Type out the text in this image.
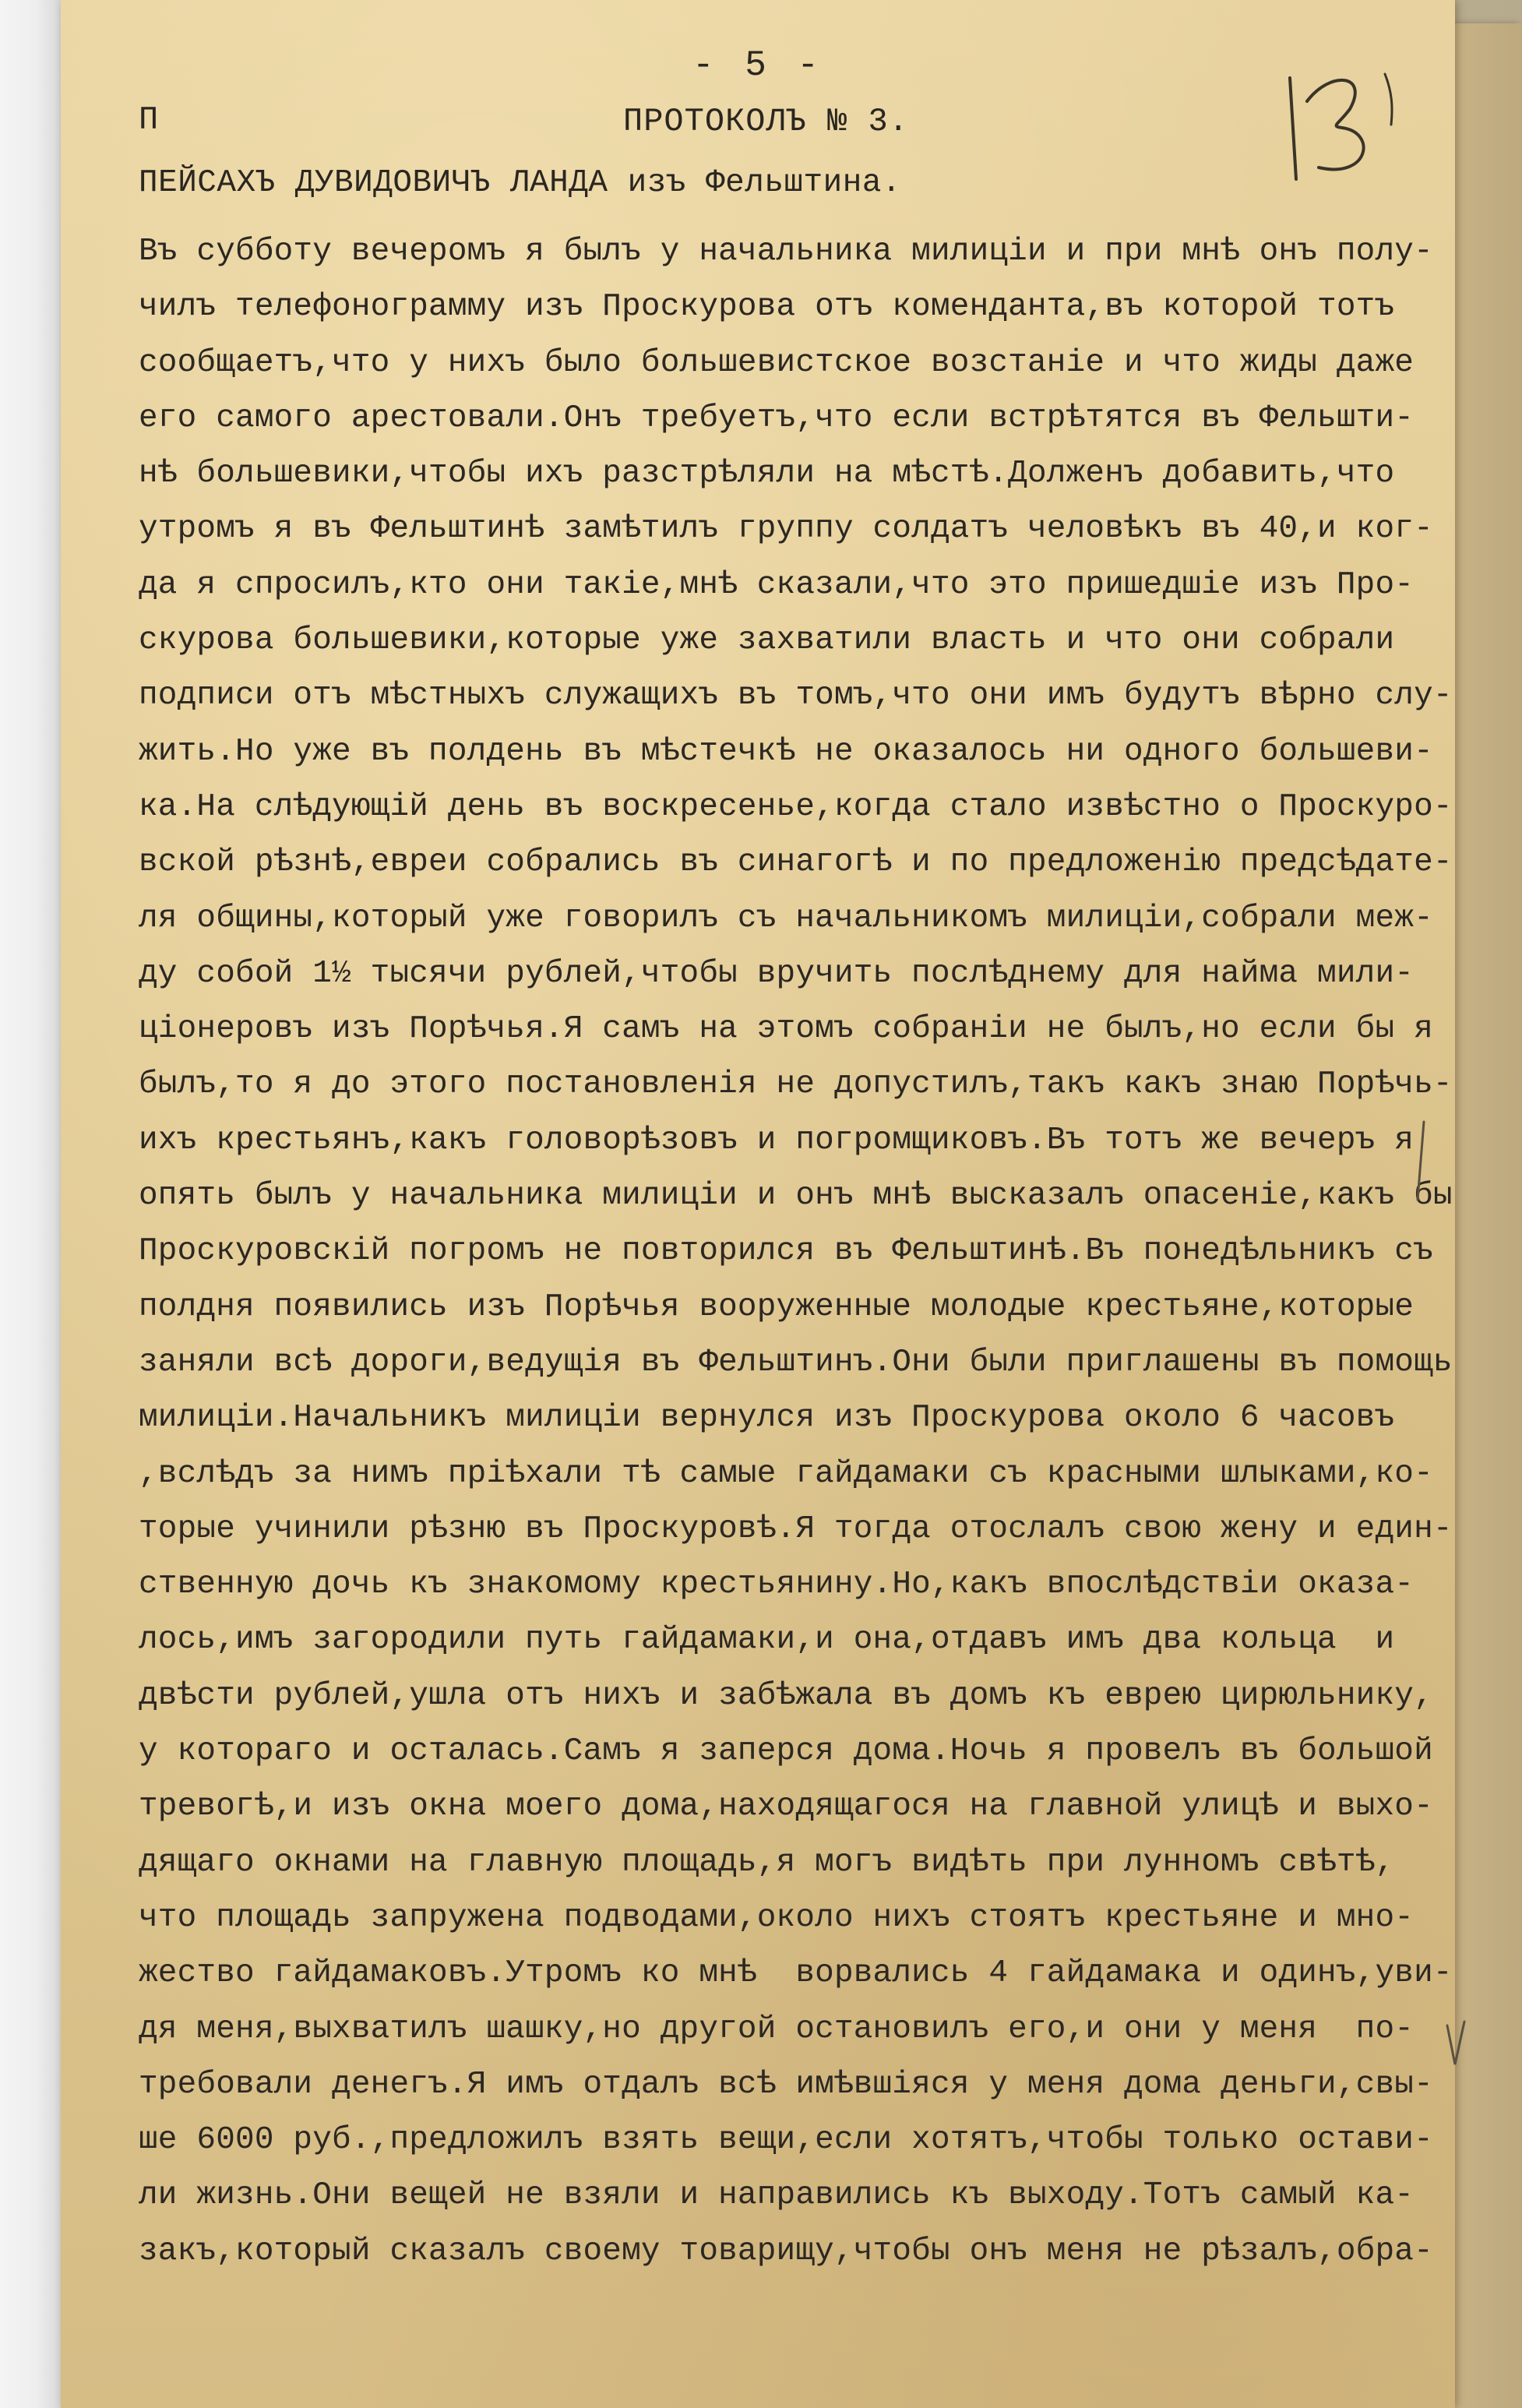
- 5 -
П	ПРОТОКОЛЪ № 3.
ПЕЙСАХЪ ДУВИДОВИЧЪ ЛАНДА изъ Фельштина.
Въ субботу вечеромъ я былъ у начальника милиціи и при мнѣ онъ полу-
чилъ телефонограмму изъ Проскурова отъ коменданта,въ которой тотъ
сообщаетъ,что у нихъ было большевистское возстаніе и что жиды даже
его самого арестовали.Онъ требуетъ,что если встрѣтятся въ Фельшти-
нѣ большевики,чтобы ихъ разстрѣляли на мѣстѣ.Долженъ добавить,что
утромъ я въ Фельштинѣ замѣтилъ группу солдатъ человѣкъ въ 40,и ког-
да я спросилъ,кто они такіе,мнѣ сказали,что это пришедшіе изъ Про-
скурова большевики,которые уже захватили власть и что они собрали
подписи отъ мѣстныхъ служащихъ въ томъ,что они имъ будутъ вѣрно слу-
жить.Но уже въ полдень въ мѣстечкѣ не оказалось ни одного большеви-
ка.На слѣдующій день въ воскресенье,когда стало извѣстно о Проскуро-
вской рѣзнѣ,евреи собрались въ синагогѣ и по предложенію предсѣдате-
ля общины,который уже говорилъ съ начальникомъ милиціи,собрали меж-
ду собой 1½ тысячи рублей,чтобы вручить послѣднему для найма мили-
ціонеровъ изъ Порѣчья.Я самъ на этомъ собраніи не былъ,но если бы я
былъ,то я до этого постановленія не допустилъ,такъ какъ знаю Порѣчь-
ихъ крестьянъ,какъ головорѣзовъ и погромщиковъ.Въ тотъ же вечеръ я
опять былъ у начальника милиціи и онъ мнѣ высказалъ опасеніе,какъ бы
Проскуровскій погромъ не повторился въ Фельштинѣ.Въ понедѣльникъ съ
полдня появились изъ Порѣчья вооруженные молодые крестьяне,которые
заняли всѣ дороги,ведущія въ Фельштинъ.Они были приглашены въ помощь
милиціи.Начальникъ милиціи вернулся изъ Проскурова около 6 часовъ
,вслѣдъ за нимъ пріѣхали тѣ самые гайдамаки съ красными шлыками,ко-
торые учинили рѣзню въ Проскуровѣ.Я тогда отослалъ свою жену и един-
ственную дочь къ знакомому крестьянину.Но,какъ впослѣдствіи оказа-
лось,имъ загородили путь гайдамаки,и она,отдавъ имъ два кольца  и
двѣсти рублей,ушла отъ нихъ и забѣжала въ домъ къ еврею цирюльнику,
у котораго и осталась.Самъ я заперся дома.Ночь я провелъ въ большой
тревогѣ,и изъ окна моего дома,находящагося на главной улицѣ и выхо-
дящаго окнами на главную площадь,я могъ видѣть при лунномъ свѣтѣ,
что площадь запружена подводами,около нихъ стоятъ крестьяне и мно-
жество гайдамаковъ.Утромъ ко мнѣ  ворвались 4 гайдамака и одинъ,уви-
дя меня,выхватилъ шашку,но другой остановилъ его,и они у меня  по-
требовали денегъ.Я имъ отдалъ всѣ имѣвшіяся у меня дома деньги,свы-
ше 6000 руб.,предложилъ взять вещи,если хотятъ,чтобы только остави-
ли жизнь.Они вещей не взяли и направились къ выходу.Тотъ самый ка-
закъ,который сказалъ своему товарищу,чтобы онъ меня не рѣзалъ,обра-
